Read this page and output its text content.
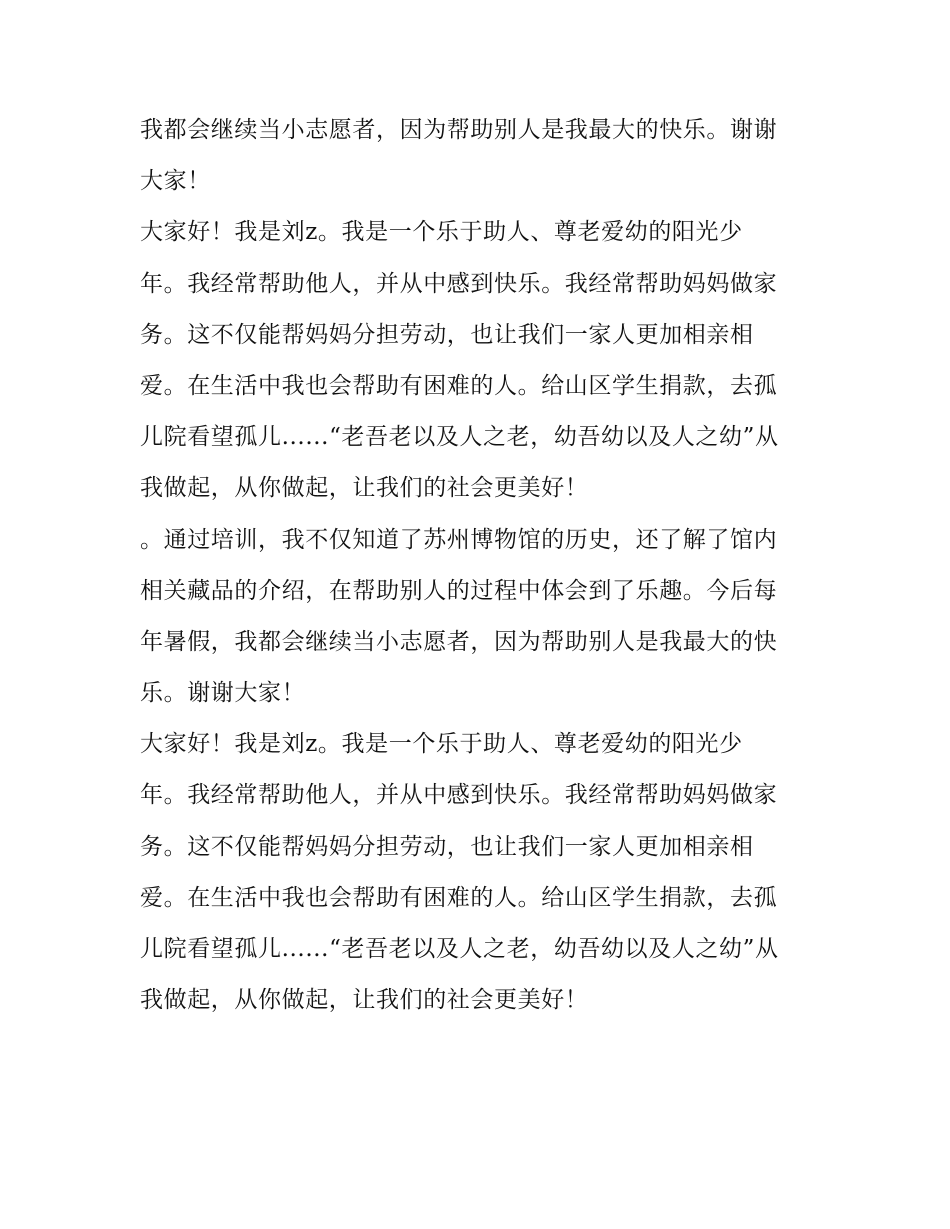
我都会继续当小志愿者，因为帮助别人是我最大的快乐。谢谢
大家！
大家好！我是刘z。我是一个乐于助人、尊老爱幼的阳光少
年。我经常帮助他人，并从中感到快乐。我经常帮助妈妈做家
务。这不仅能帮妈妈分担劳动，也让我们一家人更加相亲相
爱。在生活中我也会帮助有困难的人。给山区学生捐款，去孤
儿院看望孤儿......“老吾老以及人之老，幼吾幼以及人之幼”从
我做起，从你做起，让我们的社会更美好！
。通过培训，我不仅知道了苏州博物馆的历史，还了解了馆内
相关藏品的介绍，在帮助别人的过程中体会到了乐趣。今后每
年暑假，我都会继续当小志愿者，因为帮助别人是我最大的快
乐。谢谢大家！
大家好！我是刘z。我是一个乐于助人、尊老爱幼的阳光少
年。我经常帮助他人，并从中感到快乐。我经常帮助妈妈做家
务。这不仅能帮妈妈分担劳动，也让我们一家人更加相亲相
爱。在生活中我也会帮助有困难的人。给山区学生捐款，去孤
儿院看望孤儿......“老吾老以及人之老，幼吾幼以及人之幼”从
我做起，从你做起，让我们的社会更美好！
